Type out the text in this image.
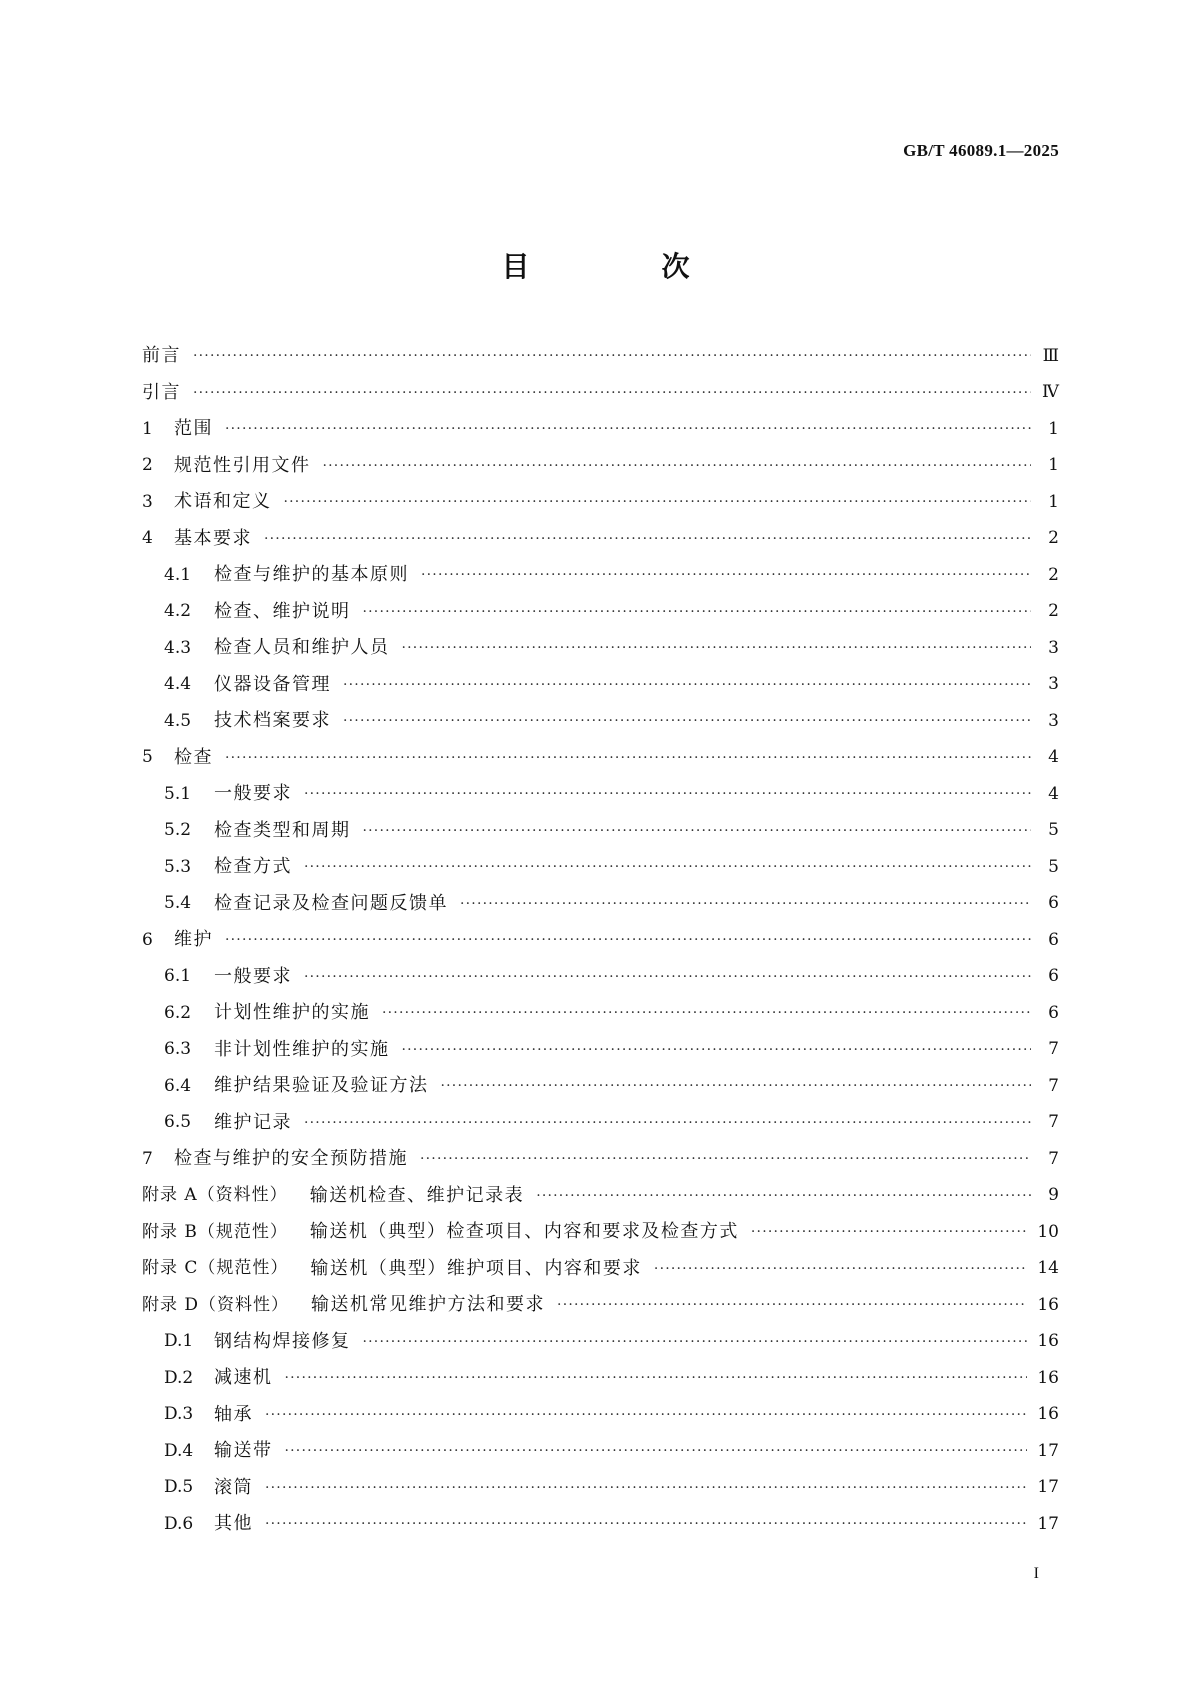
GB/T 46089.1—2025
目　次
前言 ·····	Ⅲ
引言 ·····	Ⅳ
1	范围 ·····	1
2	规范性引用文件 ·····	1
3	术语和定义 ·····	1
4	基本要求 ·····	2
4.1	检查与维护的基本原则 ·····	2
4.2	检查、维护说明 ·····	2
4.3	检查人员和维护人员 ·····	3
4.4	仪器设备管理 ·····	3
4.5	技术档案要求 ·····	3
5	检查 ·····	4
5.1	一般要求 ·····	4
5.2	检查类型和周期 ·····	5
5.3	检查方式 ·····	5
5.4	检查记录及检查问题反馈单 ·····	6
6	维护 ·····	6
6.1	一般要求 ·····	6
6.2	计划性维护的实施 ·····	6
6.3	非计划性维护的实施 ·····	7
6.4	维护结果验证及验证方法 ·····	7
6.5	维护记录 ·····	7
7	检查与维护的安全预防措施 ·····	7
附录 A（资料性）	输送机检查、维护记录表 ·····	9
附录 B（规范性）	输送机（典型）检查项目、内容和要求及检查方式 ·····	10
附录 C（规范性）	输送机（典型）维护项目、内容和要求 ·····	14
附录 D（资料性）	输送机常见维护方法和要求 ·····	16
D.1	钢结构焊接修复 ·····	16
D.2	减速机 ·····	16
D.3	轴承 ·····	16
D.4	输送带 ·····	17
D.5	滚筒 ·····	17
D.6	其他 ·····	17
I
